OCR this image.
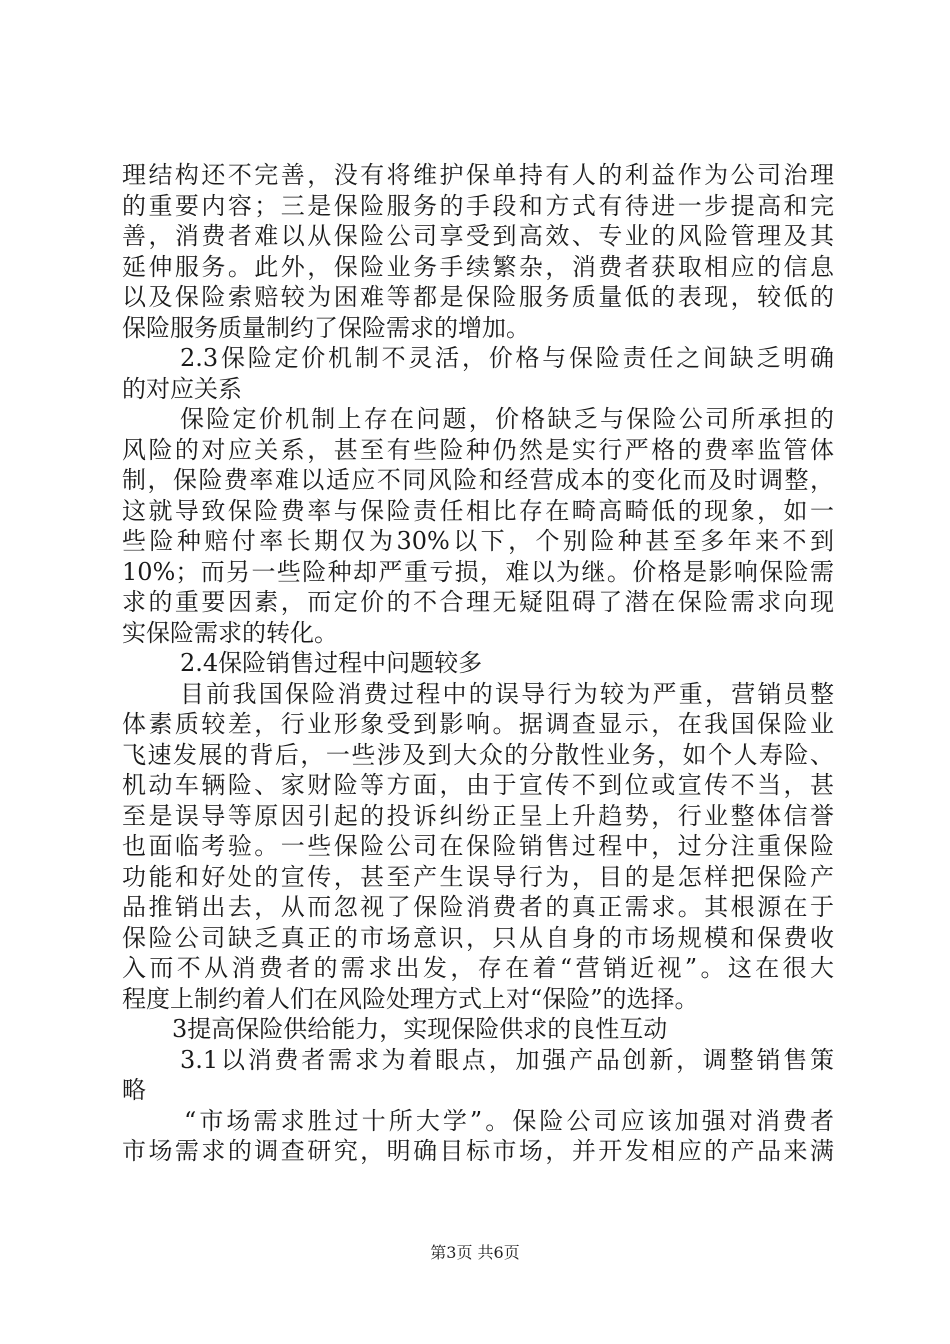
理结构还不完善，没有将维护保单持有人的利益作为公司治理
的重要内容；三是保险服务的手段和方式有待进一步提高和完
善，消费者难以从保险公司享受到高效、专业的风险管理及其
延伸服务。此外，保险业务手续繁杂，消费者获取相应的信息
以及保险索赔较为困难等都是保险服务质量低的表现，较低的
保险服务质量制约了保险需求的增加。
2.3保险定价机制不灵活，价格与保险责任之间缺乏明确
的对应关系
保险定价机制上存在问题，价格缺乏与保险公司所承担的
风险的对应关系，甚至有些险种仍然是实行严格的费率监管体
制，保险费率难以适应不同风险和经营成本的变化而及时调整，
这就导致保险费率与保险责任相比存在畸高畸低的现象，如一
些险种赔付率长期仅为30%以下，个别险种甚至多年来不到
10%；而另一些险种却严重亏损，难以为继。价格是影响保险需
求的重要因素，而定价的不合理无疑阻碍了潜在保险需求向现
实保险需求的转化。
2.4保险销售过程中问题较多
目前我国保险消费过程中的误导行为较为严重，营销员整
体素质较差，行业形象受到影响。据调查显示，在我国保险业
飞速发展的背后，一些涉及到大众的分散性业务，如个人寿险、
机动车辆险、家财险等方面，由于宣传不到位或宣传不当，甚
至是误导等原因引起的投诉纠纷正呈上升趋势，行业整体信誉
也面临考验。一些保险公司在保险销售过程中，过分注重保险
功能和好处的宣传，甚至产生误导行为，目的是怎样把保险产
品推销出去，从而忽视了保险消费者的真正需求。其根源在于
保险公司缺乏真正的市场意识，只从自身的市场规模和保费收
入而不从消费者的需求出发，存在着“营销近视”。这在很大
程度上制约着人们在风险处理方式上对“保险”的选择。
3提高保险供给能力，实现保险供求的良性互动
3.1以消费者需求为着眼点，加强产品创新，调整销售策
略
“市场需求胜过十所大学”。保险公司应该加强对消费者
市场需求的调查研究，明确目标市场，并开发相应的产品来满
第3页 共6页
